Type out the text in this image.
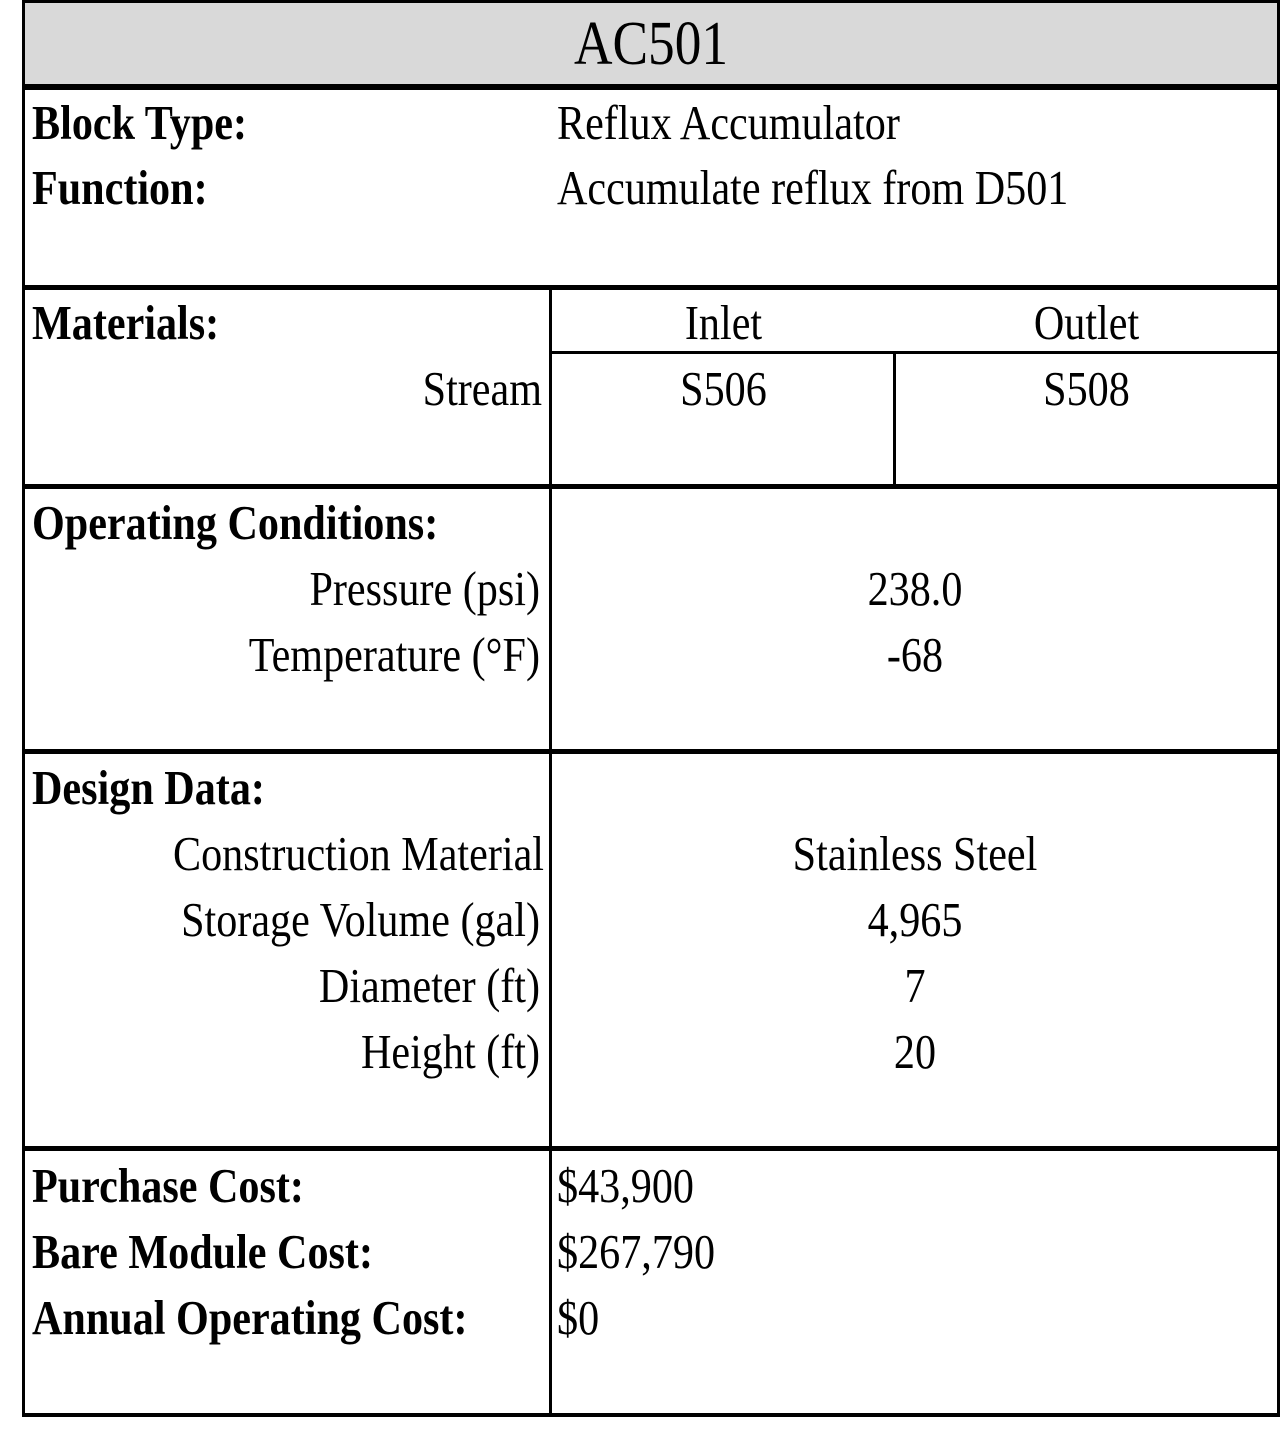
AC501
Block Type:	Reflux Accumulator
Function:	Accumulate reflux from D501
Materials:	Inlet	Outlet
Stream	S506	S508
Operating Conditions:
Pressure (psi)	238.0
Temperature (°F)	-68
Design Data:
Construction Material	Stainless Steel
Storage Volume (gal)	4,965
Diameter (ft)	7
Height (ft)	20
Purchase Cost:	$43,900
Bare Module Cost:	$267,790
Annual Operating Cost: $0
